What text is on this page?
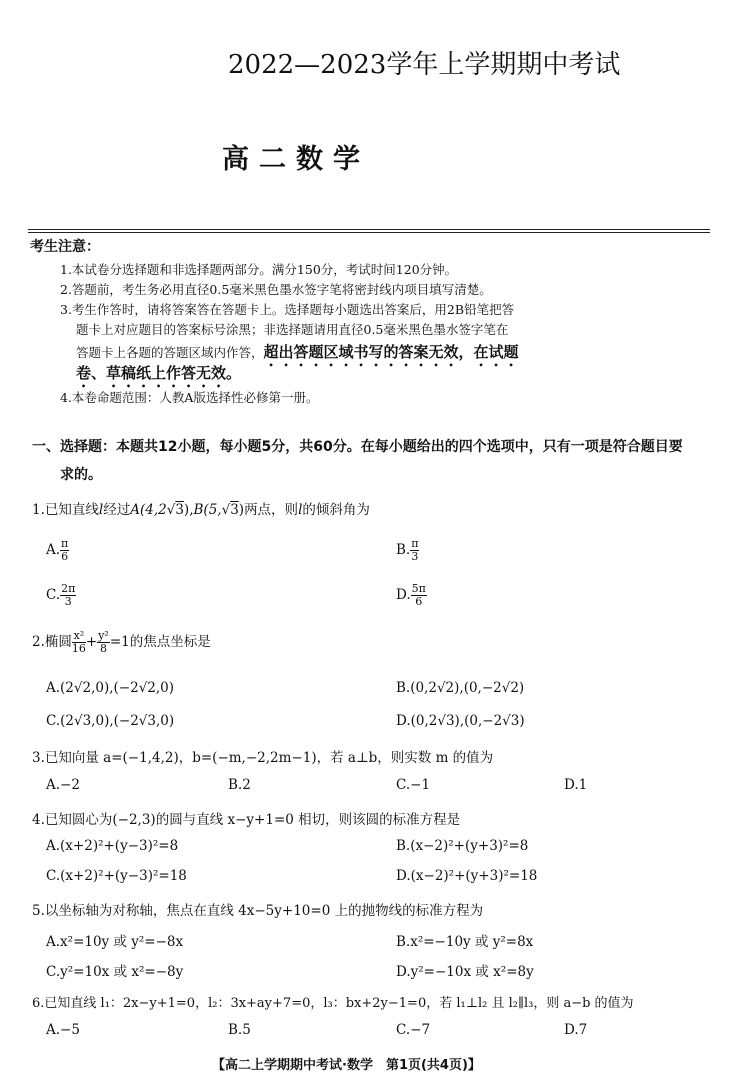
2022—2023学年上学期期中考试
高二数学
考生注意：
1.本试卷分选择题和非选择题两部分。满分150分，考试时间120分钟。
2.答题前，考生务必用直径0.5毫米黑色墨水签字笔将密封线内项目填写清楚。
3.考生作答时，请将答案答在答题卡上。选择题每小题选出答案后，用2B铅笔把答
题卡上对应题目的答案标号涂黑；非选择题请用直径0.5毫米黑色墨水签字笔在
答题卡上各题的答题区域内作答，超出答题区域书写的答案无效，在试题
卷、草稿纸上作答无效。
4.本卷命题范围：人教A版选择性必修第一册。
一、选择题：本题共12小题，每小题5分，共60分。在每小题给出的四个选项中，只有一项是符合题目要
求的。
1.已知直线l经过A(4,2√3),B(5,√3)两点，则l的倾斜角为
A. $\frac{\pi}{6}$	B. $\frac{\pi}{3}$
C. $\frac{2\pi}{3}$	D. $\frac{5\pi}{6}$
2.椭圆 $\frac{\text{x²}}{16} + \frac{\text{y²}}{8} =1$的焦点坐标是
A.(2√2,0),(−2√2,0)	B.(0,2√2),(0,−2√2)
C.(2√3,0),(−2√3,0)	D.(0,2√3),(0,−2√3)
3.已知向量 a=(−1,4,2)，b=(−m,−2,2m−1)，若 a⊥b，则实数 m 的值为
A.−2	B.2	C.−1	D.1
4.已知圆心为(−2,3)的圆与直线 x−y+1=0 相切，则该圆的标准方程是
A.(x+2)²+(y−3)²=8	B.(x−2)²+(y+3)²=8
C.(x+2)²+(y−3)²=18	D.(x−2)²+(y+3)²=18
5.以坐标轴为对称轴，焦点在直线 4x−5y+10=0 上的抛物线的标准方程为
A.x²=10y 或 y²=−8x	B.x²=−10y 或 y²=8x
C.y²=10x 或 x²=−8y	D.y²=−10x 或 x²=8y
6.已知直线 l₁：2x−y+1=0，l₂：3x+ay+7=0，l₃：bx+2y−1=0，若 l₁⊥l₂ 且 l₂∥l₃，则 a−b 的值为
A.−5	B.5	C.−7	D.7
【高二上学期期中考试·数学　第1页(共4页)】
